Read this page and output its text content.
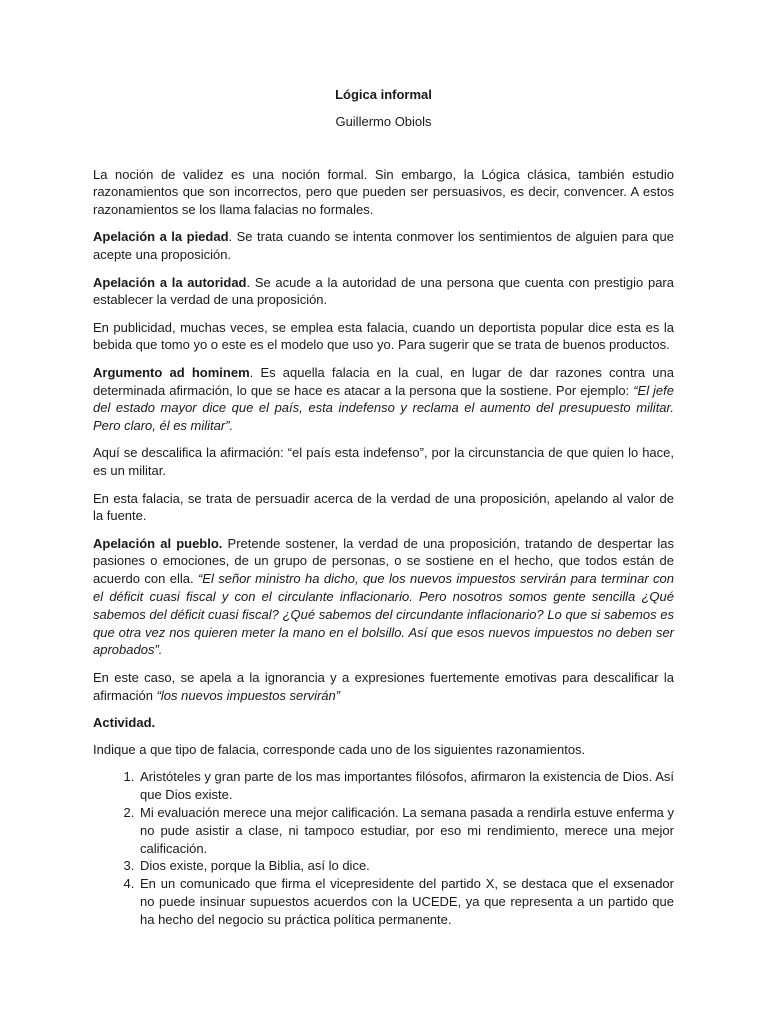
Lógica informal
Guillermo Obiols

La noción de validez es una noción formal. Sin embargo, la Lógica clásica, también estudio razonamientos que son incorrectos, pero que pueden ser persuasivos, es decir, convencer. A estos razonamientos se los llama falacias no formales.

Apelación a la piedad. Se trata cuando se intenta conmover los sentimientos de alguien para que acepte una proposición.

Apelación a la autoridad. Se acude a la autoridad de una persona que cuenta con prestigio para establecer la verdad de una proposición.

En publicidad, muchas veces, se emplea esta falacia, cuando un deportista popular dice esta es la bebida que tomo yo o este es el modelo que uso yo. Para sugerir que se trata de buenos productos.

Argumento ad hominem. Es aquella falacia en la cual, en lugar de dar razones contra una determinada afirmación, lo que se hace es atacar a la persona que la sostiene. Por ejemplo: “El jefe del estado mayor dice que el país, esta indefenso y reclama el aumento del presupuesto militar. Pero claro, él es militar”.

Aquí se descalifica la afirmación: “el país esta indefenso”, por la circunstancia de que quien lo hace, es un militar.

En esta falacia, se trata de persuadir acerca de la verdad de una proposición, apelando al valor de la fuente.

Apelación al pueblo. Pretende sostener, la verdad de una proposición, tratando de despertar las pasiones o emociones, de un grupo de personas, o se sostiene en el hecho, que todos están de acuerdo con ella. “El señor ministro ha dicho, que los nuevos impuestos servirán para terminar con el déficit cuasi fiscal y con el circulante inflacionario. Pero nosotros somos gente sencilla ¿Qué sabemos del déficit cuasi fiscal? ¿Qué sabemos del circundante inflacionario? Lo que si sabemos es que otra vez nos quieren meter la mano en el bolsillo. Así que esos nuevos impuestos no deben ser aprobados”.

En este caso, se apela a la ignorancia y a expresiones fuertemente emotivas para descalificar la afirmación “los nuevos impuestos servirán”

Actividad.

Indique a que tipo de falacia, corresponde cada uno de los siguientes razonamientos.

1. Aristóteles y gran parte de los mas importantes filósofos, afirmaron la existencia de Dios. Así que Dios existe.
2. Mi evaluación merece una mejor calificación. La semana pasada a rendirla estuve enferma y no pude asistir a clase, ni tampoco estudiar, por eso mi rendimiento, merece una mejor calificación.
3. Dios existe, porque la Biblia, así lo dice.
4. En un comunicado que firma el vicepresidente del partido X, se destaca que el exsenador no puede insinuar supuestos acuerdos con la UCEDE, ya que representa a un partido que ha hecho del negocio su práctica política permanente.
